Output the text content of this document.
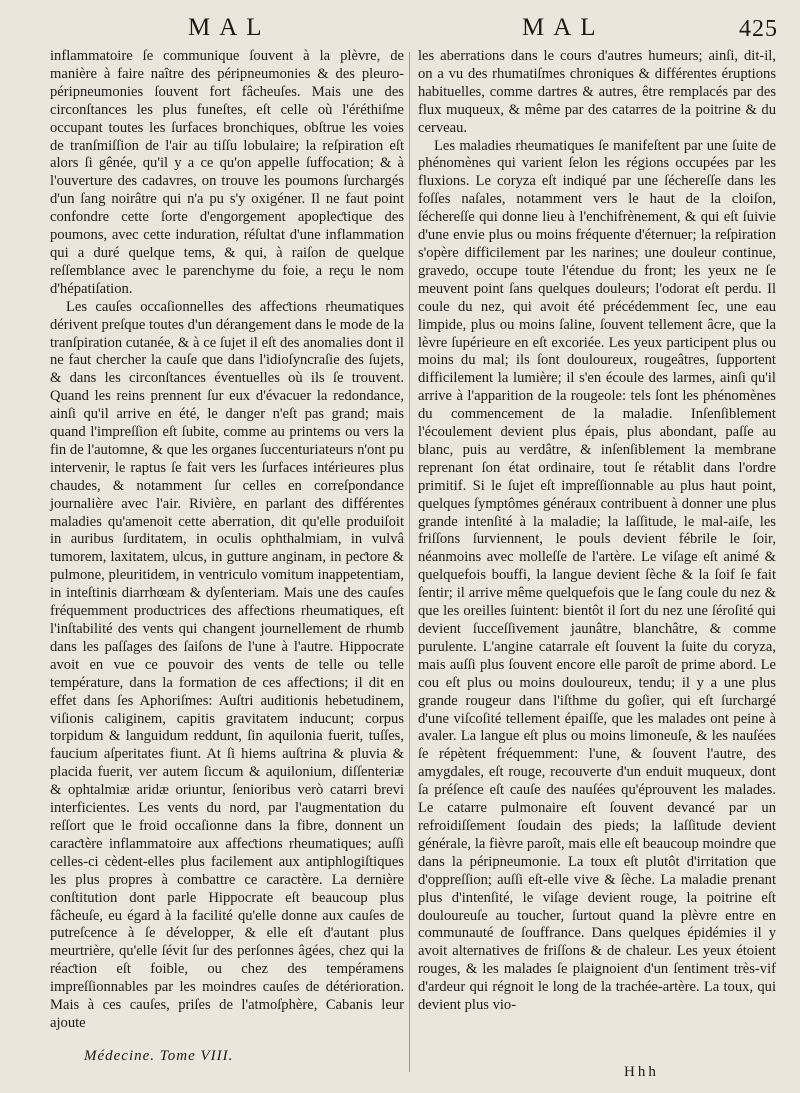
MAL	MAL	425

inflammatoire ſe communique ſouvent à la plèvre, de manière à faire naître des péripneumonies & des pleuro-péripneumonies ſouvent fort fâcheuſes. Mais une des circonſtances les plus funeſtes, eſt celle où l'éréthiſme occupant toutes les ſurfaces bronchiques, obſtrue les voies de tranſmiſſion de l'air au tiſſu lobulaire; la reſpiration eſt alors ſi gênée, qu'il y a ce qu'on appelle ſuffocation; & à l'ouverture des cadavres, on trouve les poumons ſurchargés d'un ſang noirâtre qui n'a pu s'y oxigéner. Il ne faut point confondre cette ſorte d'engorgement apopleƈtique des poumons, avec cette induration, réſultat d'une inflammation qui a duré quelque tems, & qui, à raiſon de quelque reſſemblance avec le parenchyme du foie, a reçu le nom d'hépatiſation.

Les cauſes occaſionnelles des affeƈtions rheumatiques dérivent preſque toutes d'un dérangement dans le mode de la tranſpiration cutanée, & à ce ſujet il eſt des anomalies dont il ne faut chercher la cauſe que dans l'idioſyncraſie des ſujets, & dans les circonſtances éventuelles où ils ſe trouvent. Quand les reins prennent ſur eux d'évacuer la redondance, ainſi qu'il arrive en été, le danger n'eſt pas grand; mais quand l'impreſſion eſt ſubite, comme au printems ou vers la fin de l'automne, & que les organes ſuccenturiateurs n'ont pu intervenir, le raptus ſe fait vers les ſurfaces intérieures plus chaudes, & notamment ſur celles en correſpondance journalière avec l'air. Rivière, en parlant des différentes maladies qu'amenoit cette aberration, dit qu'elle produiſoit in auribus ſurditatem, in oculis ophthalmiam, in vulvâ tumorem, laxitatem, ulcus, in gutture anginam, in peƈtore & pulmone, pleuritidem, in ventriculo vomitum inappetentiam, in inteſtinis diarrhœam & dyſenteriam. Mais une des cauſes fréquemment productrices des affeƈtions rheumatiques, eſt l'inſtabilité des vents qui changent journellement de rhumb dans les paſſages des ſaiſons de l'une à l'autre. Hippocrate avoit en vue ce pouvoir des vents de telle ou telle température, dans la formation de ces affeƈtions; il dit en effet dans ſes Aphoriſmes: Auſtri auditionis hebetudinem, viſionis caliginem, capitis gravitatem inducunt; corpus torpidum & languidum reddunt, ſin aquilonia fuerit, tuſſes, faucium aſperitates fiunt. At ſi hiems auſtrina & pluvia & placida fuerit, ver autem ſiccum & aquilonium, diſſenteriæ & ophtalmiæ aridæ oriuntur, ſenioribus verò catarri brevi interficientes. Les vents du nord, par l'augmentation du reſſort que le froid occaſionne dans la fibre, donnent un caraƈtère inflammatoire aux affeƈtions rheumatiques; auſſi celles-ci cèdent-elles plus facilement aux antiphlogiſtiques les plus propres à combattre ce caractère. La dernière conſtitution dont parle Hippocrate eſt beaucoup plus fâcheuſe, eu égard à la facilité qu'elle donne aux cauſes de putreſcence à ſe développer, & elle eſt d'autant plus meurtrière, qu'elle ſévit ſur des perſonnes âgées, chez qui la réaƈtion eſt foible, ou chez des tempéramens impreſſionnables par les moindres cauſes de détérioration. Mais à ces cauſes, priſes de l'atmoſphère, Cabanis leur ajoute

les aberrations dans le cours d'autres humeurs; ainſi, dit-il, on a vu des rhumatiſmes chroniques & différentes éruptions habituelles, comme dartres & autres, être remplacés par des flux muqueux, & même par des catarres de la poitrine & du cerveau.

Les maladies rheumatiques ſe manifeſtent par une ſuite de phénomènes qui varient ſelon les régions occupées par les fluxions. Le coryza eſt indiqué par une ſéchereſſe dans les foſſes naſales, notamment vers le haut de la cloiſon, ſéchereſſe qui donne lieu à l'enchifrènement, & qui eſt ſuivie d'une envie plus ou moins fréquente d'éternuer; la reſpiration s'opère difficilement par les narines; une douleur continue, gravedo, occupe toute l'étendue du front; les yeux ne ſe meuvent point ſans quelques douleurs; l'odorat eſt perdu. Il coule du nez, qui avoit été précédemment ſec, une eau limpide, plus ou moins ſaline, ſouvent tellement âcre, que la lèvre ſupérieure en eſt excoriée. Les yeux participent plus ou moins du mal; ils ſont douloureux, rougeâtres, ſupportent difficilement la lumière; il s'en écoule des larmes, ainſi qu'il arrive à l'apparition de la rougeole: tels ſont les phénomènes du commencement de la maladie. Inſenſiblement l'écoulement devient plus épais, plus abondant, paſſe au blanc, puis au verdâtre, & inſenſiblement la membrane reprenant ſon état ordinaire, tout ſe rétablit dans l'ordre primitif. Si le ſujet eſt impreſſionnable au plus haut point, quelques ſymptômes généraux contribuent à donner une plus grande intenſité à la maladie; la laſſitude, le mal-aiſe, les friſſons ſurviennent, le pouls devient fébrile le ſoir, néanmoins avec molleſſe de l'artère. Le viſage eſt animé & quelquefois bouffi, la langue devient ſèche & la ſoif ſe fait ſentir; il arrive même quelquefois que le ſang coule du nez & que les oreilles ſuintent: bientôt il ſort du nez une ſéroſité qui devient ſucceſſivement jaunâtre, blanchâtre, & comme purulente. L'angine catarrale eſt ſouvent la ſuite du coryza, mais auſſi plus ſouvent encore elle paroît de prime abord. Le cou eſt plus ou moins douloureux, tendu; il y a une plus grande rougeur dans l'iſthme du goſier, qui eſt ſurchargé d'une viſcoſité tellement épaiſſe, que les malades ont peine à avaler. La langue eſt plus ou moins limoneuſe, & les nauſées ſe répètent fréquemment: l'une, & ſouvent l'autre, des amygdales, eſt rouge, recouverte d'un enduit muqueux, dont ſa préſence eſt cauſe des nauſées qu'éprouvent les malades. Le catarre pulmonaire eſt ſouvent devancé par un refroidiſſement ſoudain des pieds; la laſſitude devient générale, la fièvre paroît, mais elle eſt beaucoup moindre que dans la péripneumonie. La toux eſt plutôt d'irritation que d'oppreſſion; auſſi eſt-elle vive & ſèche. La maladie prenant plus d'intenſité, le viſage devient rouge, la poitrine eſt douloureuſe au toucher, ſurtout quand la plèvre entre en communauté de ſouffrance. Dans quelques épidémies il y avoit alternatives de friſſons & de chaleur. Les yeux étoient rouges, & les malades ſe plaignoient d'un ſentiment très-vif d'ardeur qui régnoit le long de la trachée-artère. La toux, qui devient plus vio-

Médecine. Tome VIII.
Hhh
